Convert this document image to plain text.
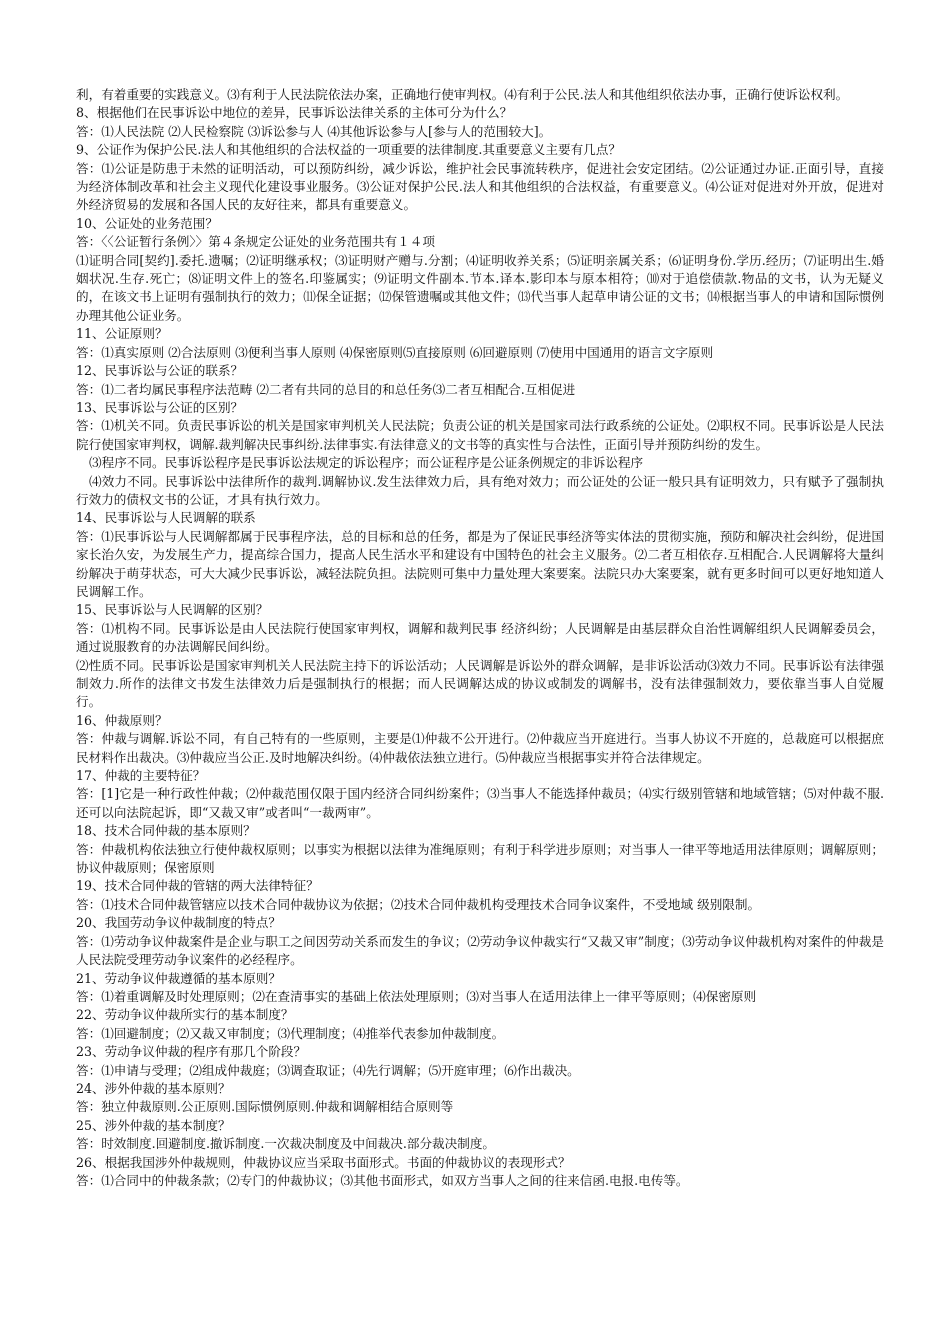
利，有着重要的实践意义。⑶有利于人民法院依法办案，正确地行使审判权。⑷有利于公民.法人和其他组织依法办事，正确行使诉讼权利。
8、根据他们在民事诉讼中地位的差异，民事诉讼法律关系的主体可分为什么？
答：⑴人民法院 ⑵人民检察院 ⑶诉讼参与人 ⑷其他诉讼参与人[参与人的范围较大]。
9、公证作为保护公民.法人和其他组织的合法权益的一项重要的法律制度.其重要意义主要有几点？
答：⑴公证是防患于未然的证明活动，可以预防纠纷，减少诉讼，维护社会民事流转秩序，促进社会安定团结。⑵公证通过办证.正面引导，直接为经济体制改革和社会主义现代化建设事业服务。⑶公证对保护公民.法人和其他组织的合法权益，有重要意义。⑷公证对促进对外开放，促进对外经济贸易的发展和各国人民的友好往来，都具有重要意义。
10、公证处的业务范围？
答：〈〈公证暂行条例〉〉第４条规定公证处的业务范围共有１４项
⑴证明合同[契约].委托.遗嘱；⑵证明继承权；⑶证明财产赠与.分割；⑷证明收养关系；⑸证明亲属关系；⑹证明身份.学历.经历；⑺证明出生.婚姻状况.生存.死亡；⑻证明文件上的签名.印鉴属实；⑼证明文件副本.节本.译本.影印本与原本相符；⑽对于追偿债款.物品的文书，认为无疑义的，在该文书上证明有强制执行的效力；⑾保全证据；⑿保管遗嘱或其他文件；⒀代当事人起草申请公证的文书；⒁根据当事人的申请和国际惯例办理其他公证业务。
11、公证原则？
答：⑴真实原则 ⑵合法原则 ⑶便利当事人原则 ⑷保密原则⑸直接原则 ⑹回避原则 ⑺使用中国通用的语言文字原则
12、民事诉讼与公证的联系？
答：⑴二者均属民事程序法范畴 ⑵二者有共同的总目的和总任务⑶二者互相配合.互相促进
13、民事诉讼与公证的区别？
答：⑴机关不同。负责民事诉讼的机关是国家审判机关人民法院；负责公证的机关是国家司法行政系统的公证处。⑵职权不同。民事诉讼是人民法院行使国家审判权，调解.裁判解决民事纠纷.法律事实.有法律意义的文书等的真实性与合法性，正面引导并预防纠纷的发生。
⑶程序不同。民事诉讼程序是民事诉讼法规定的诉讼程序；而公证程序是公证条例规定的非诉讼程序
⑷效力不同。民事诉讼中法律所作的裁判.调解协议.发生法律效力后，具有绝对效力；而公证处的公证一般只具有证明效力，只有赋予了强制执行效力的债权文书的公证，才具有执行效力。
14、民事诉讼与人民调解的联系
答：⑴民事诉讼与人民调解都属于民事程序法，总的目标和总的任务，都是为了保证民事经济等实体法的贯彻实施，预防和解决社会纠纷，促进国家长治久安，为发展生产力，提高综合国力，提高人民生活水平和建设有中国特色的社会主义服务。⑵二者互相依存.互相配合.人民调解将大量纠纷解决于萌芽状态，可大大减少民事诉讼，减轻法院负担。法院则可集中力量处理大案要案。法院只办大案要案，就有更多时间可以更好地知道人民调解工作。
15、民事诉讼与人民调解的区别？
答：⑴机构不同。民事诉讼是由人民法院行使国家审判权，调解和裁判民事 经济纠纷；人民调解是由基层群众自治性调解组织人民调解委员会，通过说服教育的办法调解民间纠纷。
⑵性质不同。民事诉讼是国家审判机关人民法院主持下的诉讼活动；人民调解是诉讼外的群众调解，是非诉讼活动⑶效力不同。民事诉讼有法律强制效力.所作的法律文书发生法律效力后是强制执行的根据；而人民调解达成的协议或制发的调解书，没有法律强制效力，要依靠当事人自觉履行。
16、仲裁原则？
答：仲裁与调解.诉讼不同，有自己特有的一些原则，主要是⑴仲裁不公开进行。⑵仲裁应当开庭进行。当事人协议不开庭的，总裁庭可以根据庶民材料作出裁决。⑶仲裁应当公正.及时地解决纠纷。⑷仲裁依法独立进行。⑸仲裁应当根据事实并符合法律规定。
17、仲裁的主要特征？
答：[1]它是一种行政性仲裁；⑵仲裁范围仅限于国内经济合同纠纷案件；⑶当事人不能选择仲裁员；⑷实行级别管辖和地域管辖；⑸对仲裁不服.还可以向法院起诉，即“又裁又审”或者叫“一裁两审”。
18、技术合同仲裁的基本原则？
答：仲裁机构依法独立行使仲裁权原则；以事实为根据以法律为准绳原则；有利于科学进步原则；对当事人一律平等地适用法律原则；调解原则；协议仲裁原则；保密原则
19、技术合同仲裁的管辖的两大法律特征？
答：⑴技术合同仲裁管辖应以技术合同仲裁协议为依据；⑵技术合同仲裁机构受理技术合同争议案件，不受地域 级别限制。
20、我国劳动争议仲裁制度的特点？
答：⑴劳动争议仲裁案件是企业与职工之间因劳动关系而发生的争议；⑵劳动争议仲裁实行“又裁又审”制度；⑶劳动争议仲裁机构对案件的仲裁是人民法院受理劳动争议案件的必经程序。
21、劳动争议仲裁遵循的基本原则？
答：⑴着重调解及时处理原则；⑵在查清事实的基础上依法处理原则；⑶对当事人在适用法律上一律平等原则；⑷保密原则
22、劳动争议仲裁所实行的基本制度？
答：⑴回避制度；⑵又裁又审制度；⑶代理制度；⑷推举代表参加仲裁制度。
23、劳动争议仲裁的程序有那几个阶段？
答：⑴申请与受理；⑵组成仲裁庭；⑶调查取证；⑷先行调解；⑸开庭审理；⑹作出裁决。
24、涉外仲裁的基本原则？
答：独立仲裁原则.公正原则.国际惯例原则.仲裁和调解相结合原则等
25、涉外仲裁的基本制度？
答：时效制度.回避制度.撤诉制度.一次裁决制度及中间裁决.部分裁决制度。
26、根据我国涉外仲裁规则，仲裁协议应当采取书面形式。书面的仲裁协议的表现形式？
答：⑴合同中的仲裁条款；⑵专门的仲裁协议；⑶其他书面形式，如双方当事人之间的往来信函.电报.电传等。
